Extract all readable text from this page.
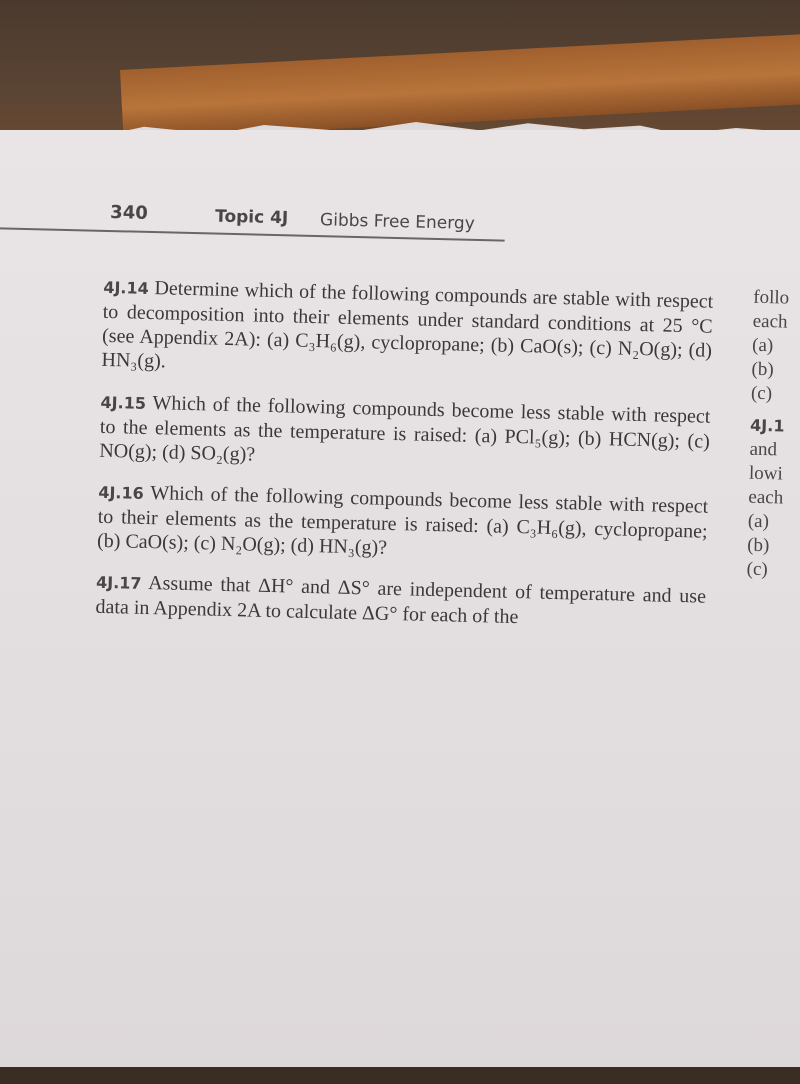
340	Topic 4J Gibbs Free Energy
4J.14 Determine which of the following compounds are stable with respect to decomposition into their elements under standard conditions at 25 °C (see Appendix 2A): (a) C₃H₆(g), cyclopropane; (b) CaO(s); (c) N₂O(g); (d) HN₃(g).
4J.15 Which of the following compounds become less stable with respect to the elements as the temperature is raised: (a) PCl₅(g); (b) HCN(g); (c) NO(g); (d) SO₂(g)?
4J.16 Which of the following compounds become less stable with respect to their elements as the temperature is raised: (a) C₃H₆(g), cyclopropane; (b) CaO(s); (c) N₂O(g); (d) HN₃(g)?
4J.17 Assume that ΔH° and ΔS° are independent of temperature and use data in Appendix 2A to calculate ΔG° for each of the
follo
each
(a)
(b)
(c)
4J.1
and
lowi
each
(a)
(b)
(c)
